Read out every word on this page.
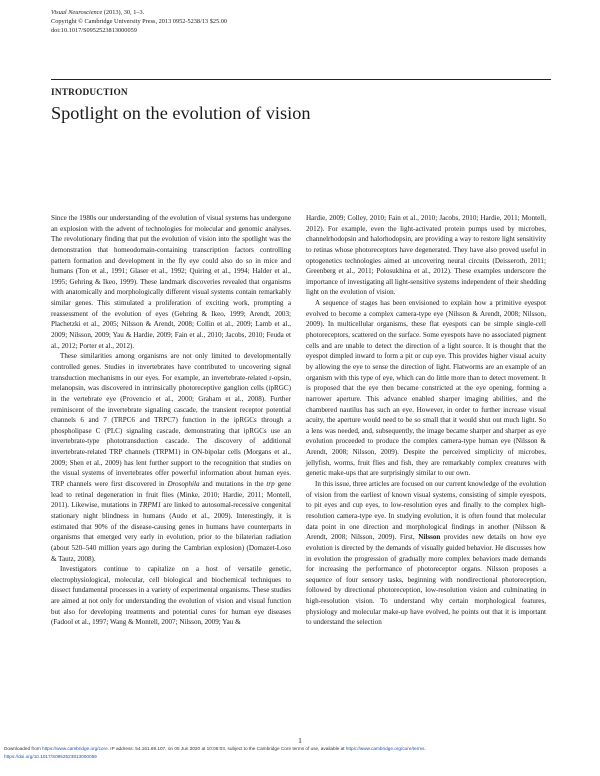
Visual Neuroscience (2013), 30, 1–3.
Copyright © Cambridge University Press, 2013 0952-5238/13 $25.00
doi:10.1017/S0952523813000059
INTRODUCTION
Spotlight on the evolution of vision

Since the 1980s our understanding of the evolution of visual systems has undergone an explosion with the advent of technologies for molecular and genomic analyses. The revolutionary finding that put the evolution of vision into the spotlight was the demonstration that homeodomain-containing transcription factors controlling pattern formation and development in the fly eye could also do so in mice and humans (Ton et al., 1991; Glaser et al., 1992; Quiring et al., 1994; Halder et al., 1995; Gehring & Ikeo, 1999). These landmark discoveries revealed that organisms with anatomically and morphologically different visual systems contain remarkably similar genes. This stimulated a proliferation of exciting work, prompting a reassessment of the evolution of eyes (Gehring & Ikeo, 1999; Arendt, 2003; Plachetzki et al., 2005; Nilsson & Arendt, 2008; Collin et al., 2009; Lamb et al., 2009; Nilsson, 2009; Yau & Hardie, 2009; Fain et al., 2010; Jacobs, 2010; Feuda et al., 2012; Porter et al., 2012).

These similarities among organisms are not only limited to developmentally controlled genes. Studies in invertebrates have contributed to uncovering signal transduction mechanisms in our eyes. For example, an invertebrate-related r-opsin, melanopsin, was discovered in intrinsically photoreceptive ganglion cells (ipRGC) in the vertebrate eye (Provencio et al., 2000; Graham et al., 2008). Further reminiscent of the invertebrate signaling cascade, the transient receptor potential channels 6 and 7 (TRPC6 and TRPC7) function in the ipRGCs through a phospholipase C (PLC) signaling cascade, demonstrating that ipRGCs use an invertebrate-type phototransduction cascade. The discovery of additional invertebrate-related TRP channels (TRPM1) in ON-bipolar cells (Morgans et al., 2009; Shen et al., 2009) has lent further support to the recognition that studies on the visual systems of invertebrates offer powerful information about human eyes. TRP channels were first discovered in Drosophila and mutations in the trp gene lead to retinal degeneration in fruit flies (Minke, 2010; Hardie, 2011; Montell, 2011). Likewise, mutations in TRPM1 are linked to autosomal-recessive congenital stationary night blindness in humans (Audo et al., 2009). Interestingly, it is estimated that 90% of the disease-causing genes in humans have counterparts in organisms that emerged very early in evolution, prior to the bilaterian radiation (about 520–540 million years ago during the Cambrian explosion) (Domazet-Loso & Tautz, 2008).

Investigators continue to capitalize on a host of versatile genetic, electrophysiological, molecular, cell biological and biochemical techniques to dissect fundamental processes in a variety of experimental organisms. These studies are aimed at not only for understanding the evolution of vision and visual function but also for developing treatments and potential cures for human eye diseases (Fadool et al., 1997; Wang & Montell, 2007; Nilsson, 2009; Yau &

Hardie, 2009; Colley, 2010; Fain et al., 2010; Jacobs, 2010; Hardie, 2011; Montell, 2012). For example, even the light-activated protein pumps used by microbes, channelrhodopsin and halorhodopsin, are providing a way to restore light sensitivity to retinas whose photoreceptors have degenerated. They have also proved useful in optogenetics technologies aimed at uncovering neural circuits (Deisseroth, 2011; Greenberg et al., 2011; Polosukhina et al., 2012). These examples underscore the importance of investigating all light-sensitive systems independent of their shedding light on the evolution of vision.

A sequence of stages has been envisioned to explain how a primitive eyespot evolved to become a complex camera-type eye (Nilsson & Arendt, 2008; Nilsson, 2009). In multicellular organisms, these flat eyespots can be simple single-cell photoreceptors, scattered on the surface. Some eyespots have no associated pigment cells and are unable to detect the direction of a light source. It is thought that the eyespot dimpled inward to form a pit or cup eye. This provides higher visual acuity by allowing the eye to sense the direction of light. Flatworms are an example of an organism with this type of eye, which can do little more than to detect movement. It is proposed that the eye then became constricted at the eye opening, forming a narrower aperture. This advance enabled sharper imaging abilities, and the chambered nautilus has such an eye. However, in order to further increase visual acuity, the aperture would need to be so small that it would shut out much light. So a lens was needed, and, subsequently, the image became sharper and sharper as eye evolution proceeded to produce the complex camera-type human eye (Nilsson & Arendt, 2008; Nilsson, 2009). Despite the perceived simplicity of microbes, jellyfish, worms, fruit flies and fish, they are remarkably complex creatures with genetic make-ups that are surprisingly similar to our own.

In this issue, three articles are focused on our current knowledge of the evolution of vision from the earliest of known visual systems, consisting of simple eyespots, to pit eyes and cup eyes, to low-resolution eyes and finally to the complex high-resolution camera-type eye. In studying evolution, it is often found that molecular data point in one direction and morphological findings in another (Nilsson & Arendt, 2008; Nilsson, 2009). First, Nilsson provides new details on how eye evolution is directed by the demands of visually guided behavior. He discusses how in evolution the progression of gradually more complex behaviors made demands for increasing the performance of photoreceptor organs. Nilsson proposes a sequence of four sensory tasks, beginning with nondirectional photoreception, followed by directional photoreception, low-resolution vision and culminating in high-resolution vision. To understand why certain morphological features, physiology and molecular make-up have evolved, he points out that it is important to understand the selection

1
Downloaded from https://www.cambridge.org/core. IP address: 54.161.69.107, on 05 Jun 2020 at 10:06:03, subject to the Cambridge Core terms of use, available at https://www.cambridge.org/core/terms.
https://doi.org/10.1017/S0952523813000059
